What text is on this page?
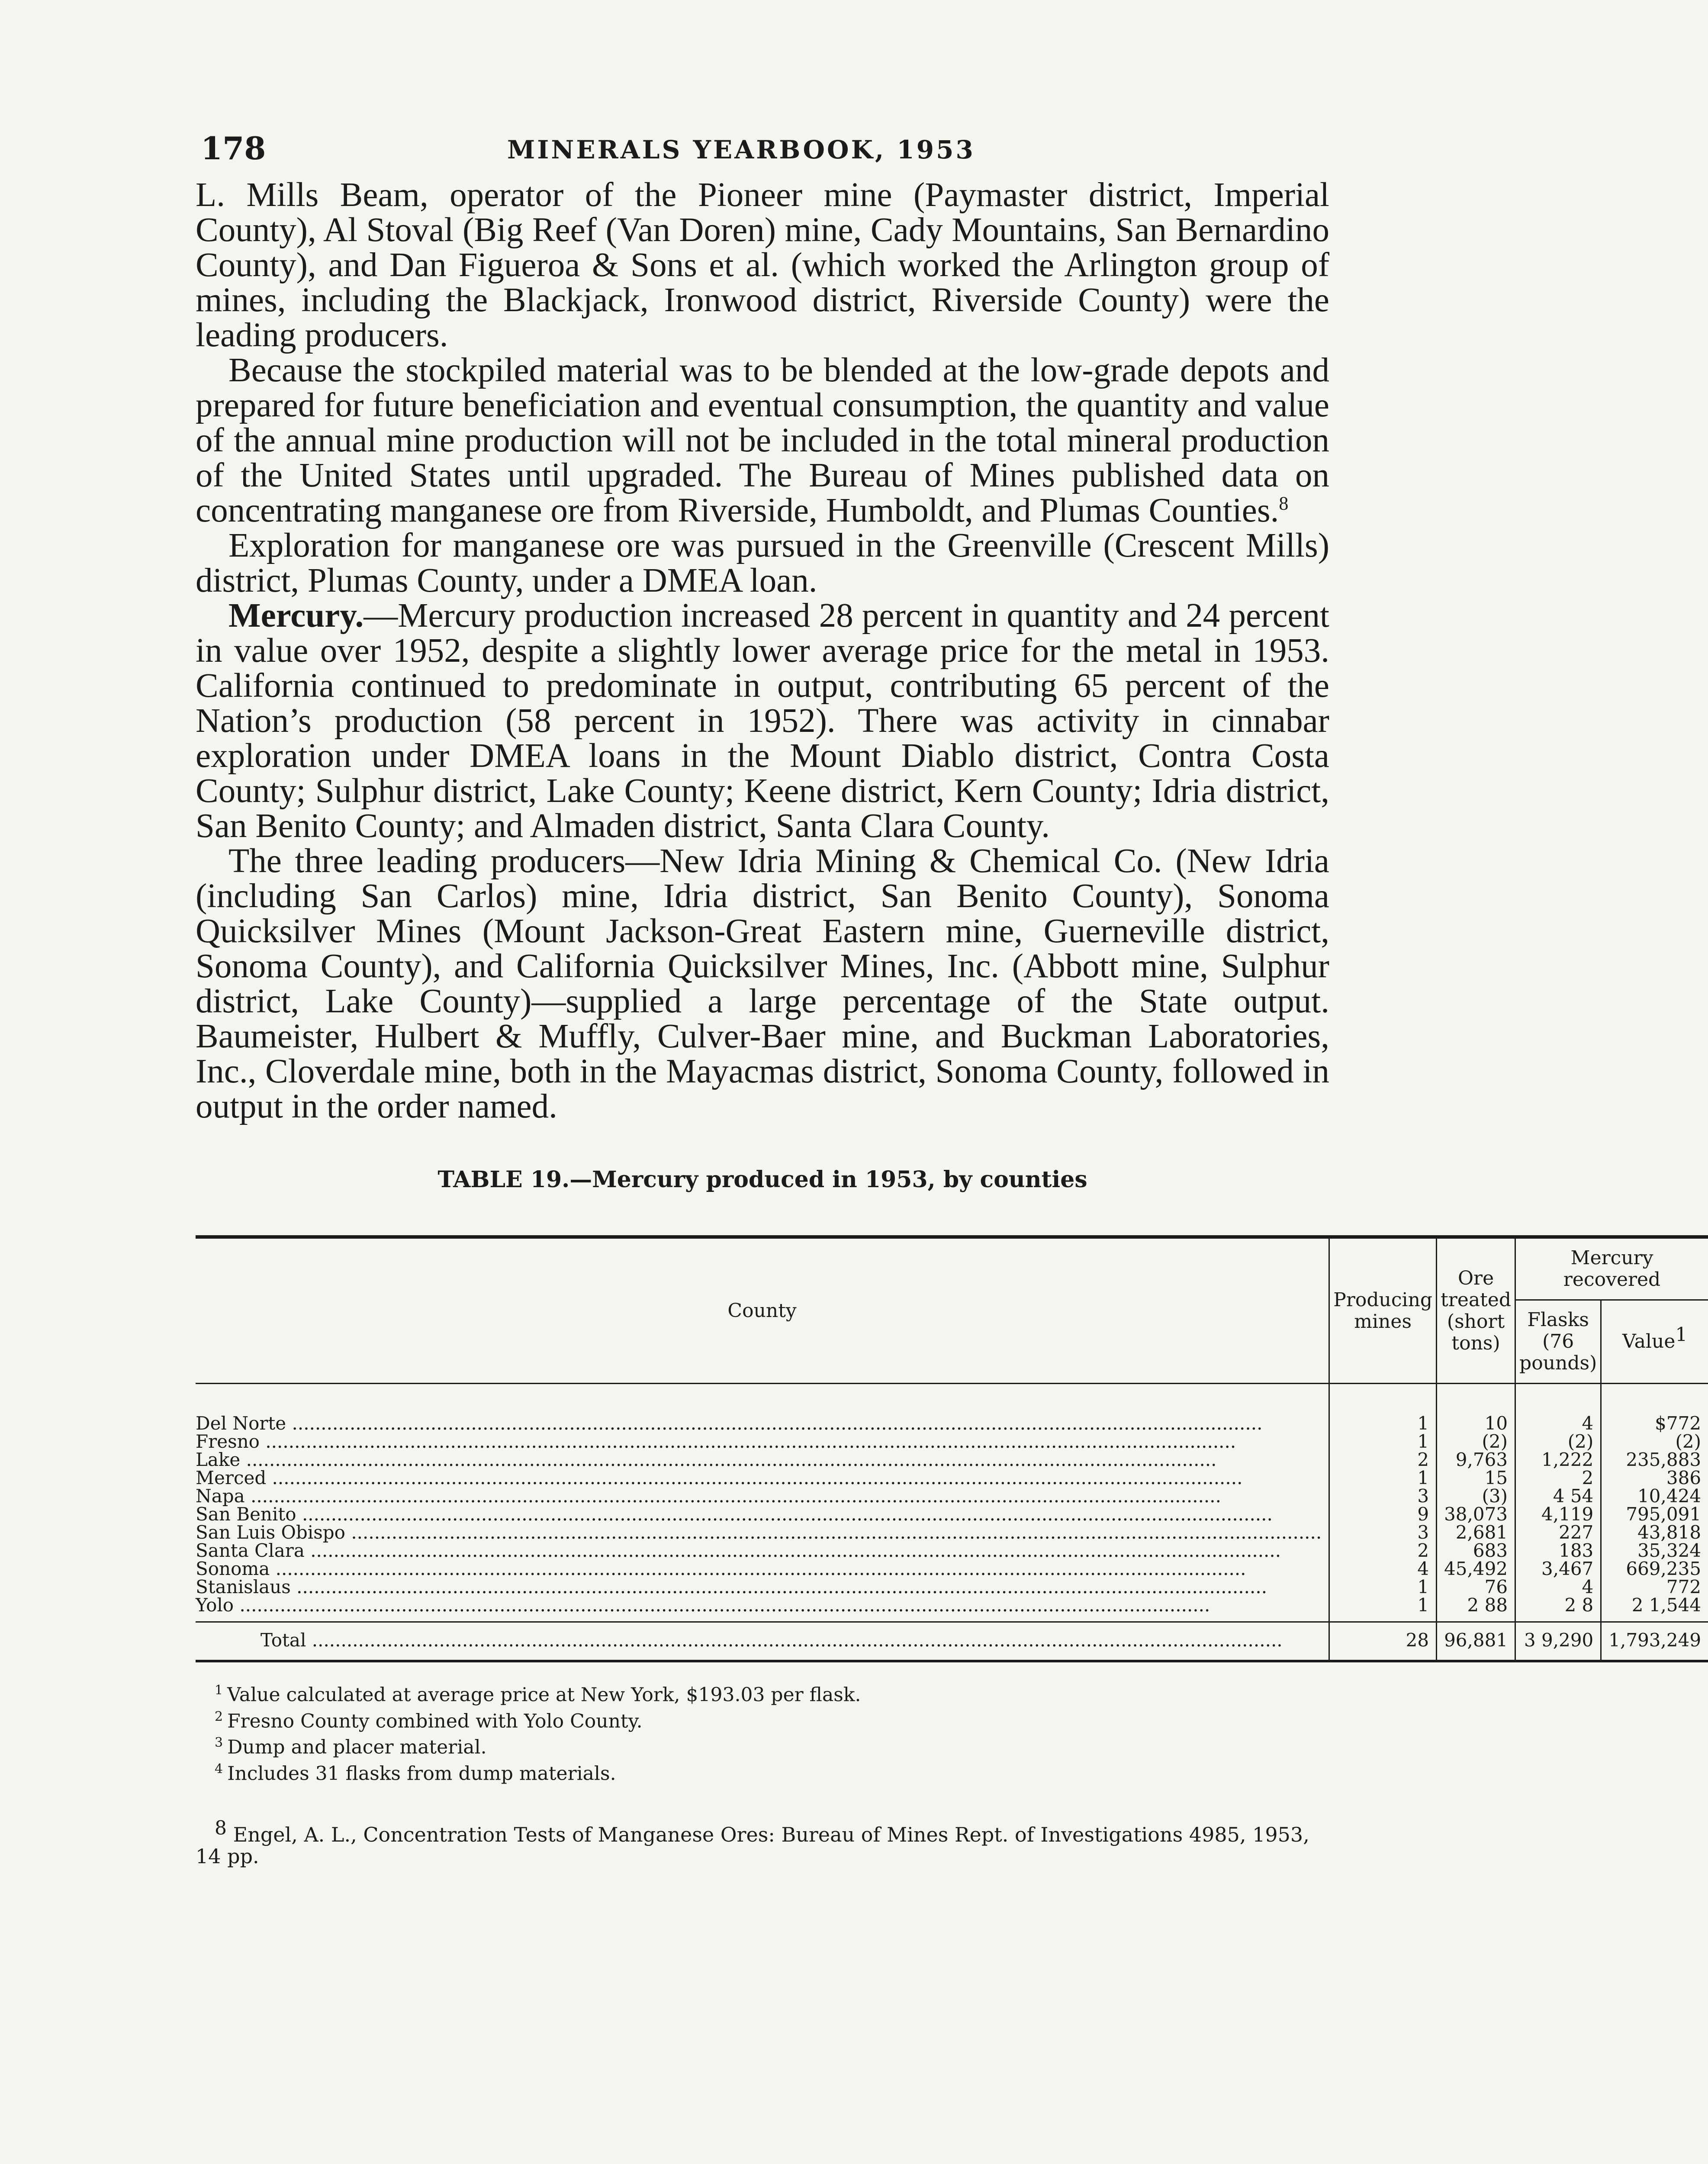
178	MINERALS YEARBOOK, 1953

L. Mills Beam, operator of the Pioneer mine (Paymaster district, Imperial County), Al Stoval (Big Reef (Van Doren) mine, Cady Mountains, San Bernardino County), and Dan Figueroa & Sons et al. (which worked the Arlington group of mines, including the Blackjack, Ironwood district, Riverside County) were the leading producers.

Because the stockpiled material was to be blended at the low-grade depots and prepared for future beneficiation and eventual consumption, the quantity and value of the annual mine production will not be included in the total mineral production of the United States until upgraded. The Bureau of Mines published data on concentrating manganese ore from Riverside, Humboldt, and Plumas Counties.$^8$

Exploration for manganese ore was pursued in the Greenville (Crescent Mills) district, Plumas County, under a DMEA loan.

Mercury.—Mercury production increased 28 percent in quantity and 24 percent in value over 1952, despite a slightly lower average price for the metal in 1953. California continued to predominate in output, contributing 65 percent of the Nation’s production (58 percent in 1952). There was activity in cinnabar exploration under DMEA loans in the Mount Diablo district, Contra Costa County; Sulphur district, Lake County; Keene district, Kern County; Idria district, San Benito County; and Almaden district, Santa Clara County.

The three leading producers—New Idria Mining & Chemical Co. (New Idria (including San Carlos) mine, Idria district, San Benito County), Sonoma Quicksilver Mines (Mount Jackson-Great Eastern mine, Guerneville district, Sonoma County), and California Quicksilver Mines, Inc. (Abbott mine, Sulphur district, Lake County)—supplied a large percentage of the State output. Baumeister, Hulbert & Muffly, Culver-Baer mine, and Buckman Laboratories, Inc., Cloverdale mine, both in the Mayacmas district, Sonoma County, followed in output in the order named.

TABLE 19.—Mercury produced in 1953, by counties
County	Producing mines	Ore treated (short tons)	Mercury recovered	
			Flasks (76 pounds)	Value$^1$

Del Norte .....	1	10	4	$772

Fresno .....	1	(2)	(2)	(2)

Lake .....	2	9,763	1,222	235,883

Merced .....	1	15	2	386

Napa .....	3	(3)	4 54	10,424

San Benito .....	9	38,073	4,119	795,091

San Luis Obispo .....	3	2,681	227	43,818

Santa Clara .....	2	683	183	35,324

Sonoma .....	4	45,492	3,467	669,235

Stanislaus .....	1	76	4	772

Yolo .....	1	2 88	2 8	2 1,544

Total .....	28	96,881	3 9,290	1,793,249
$^1$ Value calculated at average price at New York, $193.03 per flask.
$^2$ Fresno County combined with Yolo County.
$^3$ Dump and placer material.
$^4$ Includes 31 flasks from dump materials.
$^8$ Engel, A. L., Concentration Tests of Manganese Ores: Bureau of Mines Rept. of Investigations 4985, 1953, 14 pp.
